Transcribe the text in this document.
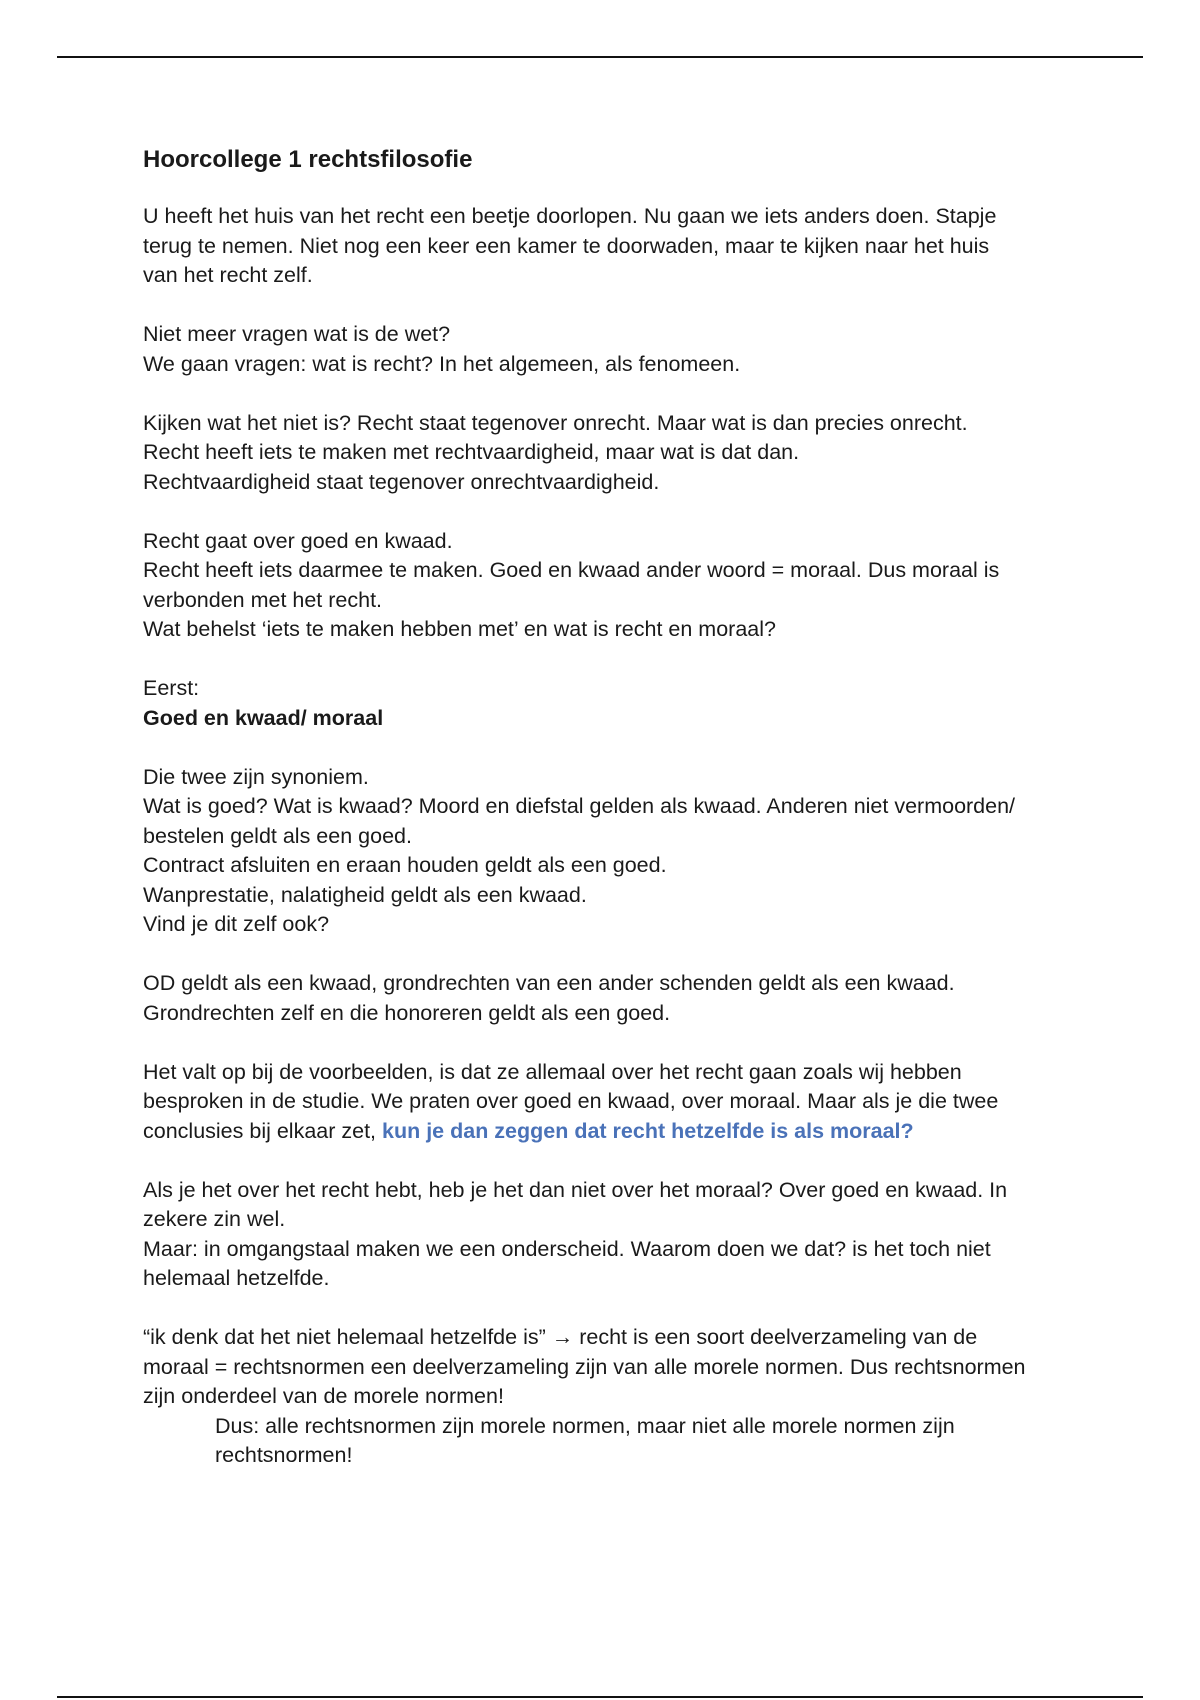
Hoorcollege 1 rechtsfilosofie
U heeft het huis van het recht een beetje doorlopen. Nu gaan we iets anders doen. Stapje
terug te nemen. Niet nog een keer een kamer te doorwaden, maar te kijken naar het huis
van het recht zelf.
Niet meer vragen wat is de wet?
We gaan vragen: wat is recht? In het algemeen, als fenomeen.
Kijken wat het niet is? Recht staat tegenover onrecht. Maar wat is dan precies onrecht.
Recht heeft iets te maken met rechtvaardigheid, maar wat is dat dan.
Rechtvaardigheid staat tegenover onrechtvaardigheid.
Recht gaat over goed en kwaad.
Recht heeft iets daarmee te maken. Goed en kwaad ander woord = moraal. Dus moraal is
verbonden met het recht.
Wat behelst ‘iets te maken hebben met’ en wat is recht en moraal?
Eerst:
Goed en kwaad/ moraal
Die twee zijn synoniem.
Wat is goed? Wat is kwaad? Moord en diefstal gelden als kwaad. Anderen niet vermoorden/
bestelen geldt als een goed.
Contract afsluiten en eraan houden geldt als een goed.
Wanprestatie, nalatigheid geldt als een kwaad.
Vind je dit zelf ook?
OD geldt als een kwaad, grondrechten van een ander schenden geldt als een kwaad.
Grondrechten zelf en die honoreren geldt als een goed.
Het valt op bij de voorbeelden, is dat ze allemaal over het recht gaan zoals wij hebben
besproken in de studie. We praten over goed en kwaad, over moraal. Maar als je die twee
conclusies bij elkaar zet, kun je dan zeggen dat recht hetzelfde is als moraal?
Als je het over het recht hebt, heb je het dan niet over het moraal? Over goed en kwaad. In
zekere zin wel.
Maar: in omgangstaal maken we een onderscheid. Waarom doen we dat? is het toch niet
helemaal hetzelfde.
“ik denk dat het niet helemaal hetzelfde is” → recht is een soort deelverzameling van de
moraal = rechtsnormen een deelverzameling zijn van alle morele normen. Dus rechtsnormen
zijn onderdeel van de morele normen!
Dus: alle rechtsnormen zijn morele normen, maar niet alle morele normen zijn
rechtsnormen!
